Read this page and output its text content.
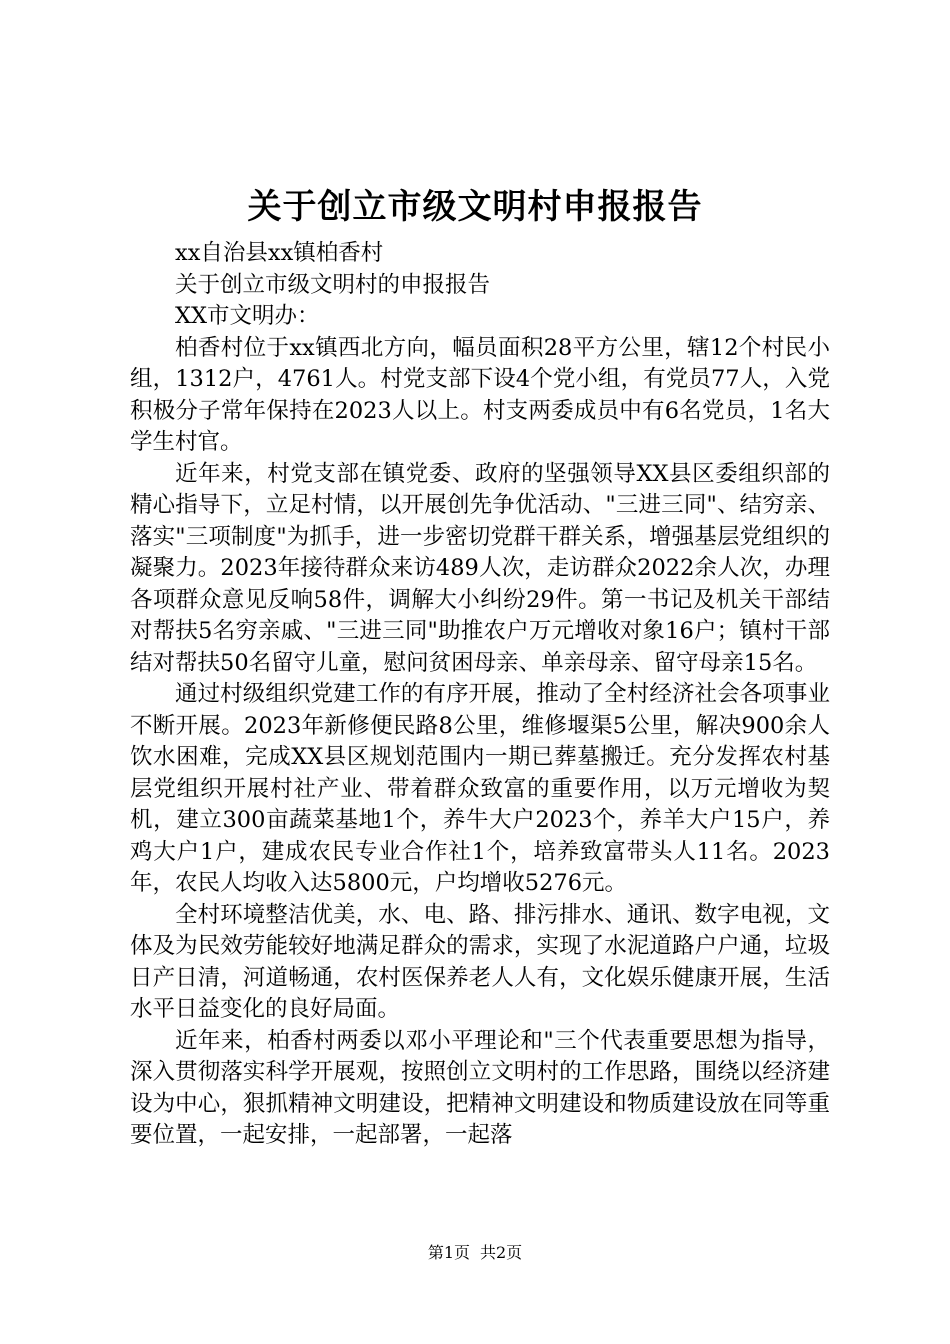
关于创立市级文明村申报报告

xx自治县xx镇柏香村

关于创立市级文明村的申报报告

XX市文明办：

柏香村位于xx镇西北方向，幅员面积28平方公里，辖12个村民小组，1312户，4761人。村党支部下设4个党小组，有党员77人，入党积极分子常年保持在2023人以上。村支两委成员中有6名党员，1名大学生村官。

近年来，村党支部在镇党委、政府的坚强领导XX县区委组织部的精心指导下，立足村情，以开展创先争优活动、"三进三同"、结穷亲、落实"三项制度"为抓手，进一步密切党群干群关系，增强基层党组织的凝聚力。2023年接待群众来访489人次，走访群众2022余人次，办理各项群众意见反响58件，调解大小纠纷29件。第一书记及机关干部结对帮扶5名穷亲戚、"三进三同"助推农户万元增收对象16户；镇村干部结对帮扶50名留守儿童，慰问贫困母亲、单亲母亲、留守母亲15名。

通过村级组织党建工作的有序开展，推动了全村经济社会各项事业不断开展。2023年新修便民路8公里，维修堰渠5公里，解决900余人饮水困难，完成XX县区规划范围内一期已葬墓搬迁。充分发挥农村基层党组织开展村社产业、带着群众致富的重要作用，以万元增收为契机，建立300亩蔬菜基地1个，养牛大户2023个，养羊大户15户，养鸡大户1户，建成农民专业合作社1个，培养致富带头人11名。2023年，农民人均收入达5800元，户均增收5276元。

全村环境整洁优美，水、电、路、排污排水、通讯、数字电视，文体及为民效劳能较好地满足群众的需求，实现了水泥道路户户通，垃圾日产日清，河道畅通，农村医保养老人人有，文化娱乐健康开展，生活水平日益变化的良好局面。

近年来，柏香村两委以邓小平理论和"三个代表重要思想为指导，深入贯彻落实科学开展观，按照创立文明村的工作思路，围绕以经济建设为中心，狠抓精神文明建设，把精神文明建设和物质建设放在同等重要位置，一起安排，一起部署，一起落

第1页 共2页
